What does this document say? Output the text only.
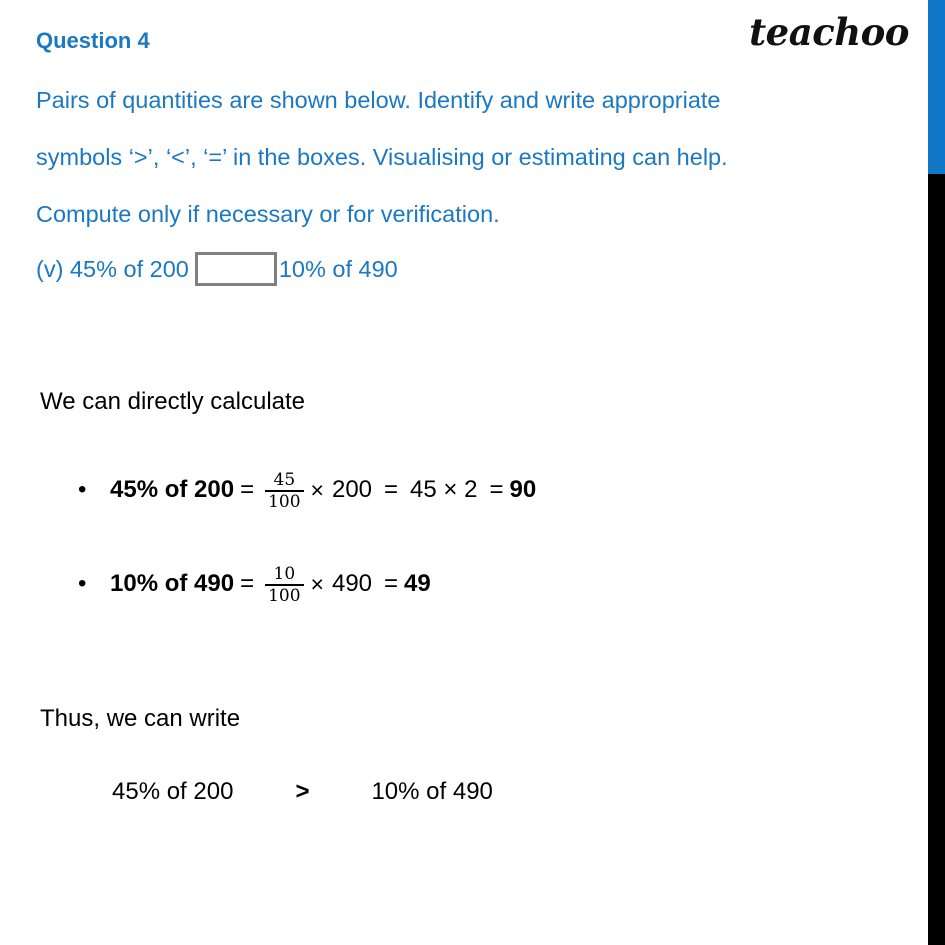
teachoo
Question 4
Pairs of quantities are shown below. Identify and write appropriate
symbols ‘>’, ‘<’, ‘=’ in the boxes. Visualising or estimating can help.
Compute only if necessary or for verification.
(v) 45% of 200	10% of 490
We can directly calculate
• 45% of $200 = \frac{45}{100} \times 200 = 45 \times 2 = 90$
• 10% of $490 = \frac{10}{100} \times 490 = 49$
Thus, we can write
45% of 200	>	10% of 490
